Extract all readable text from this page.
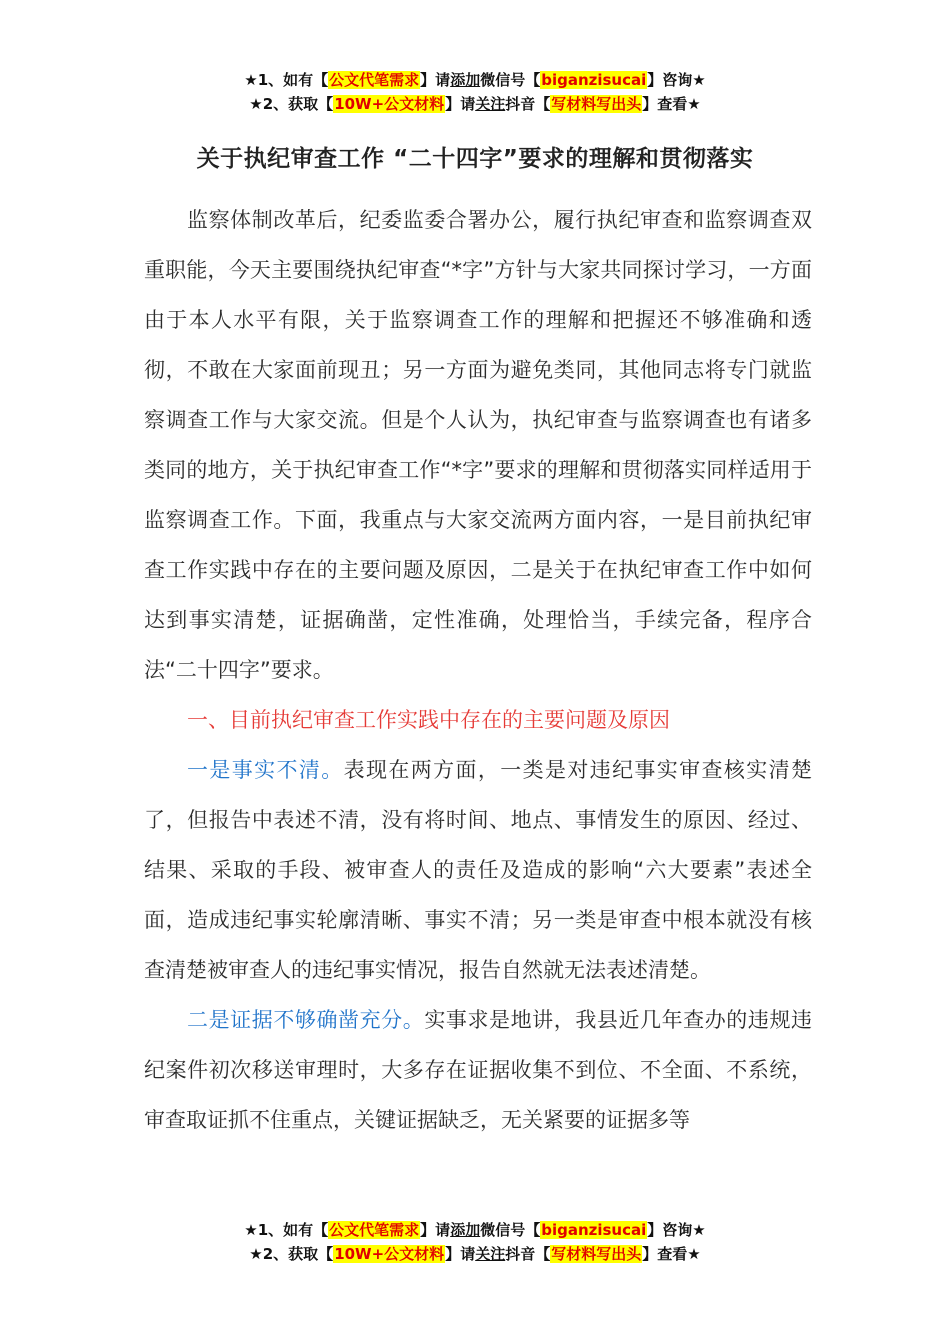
★1、如有【公文代笔需求】请添加微信号【biganzisucai】咨询★
★2、获取【10W+公文材料】请关注抖音【写材料写出头】查看★
关于执纪审查工作 “二十四字”要求的理解和贯彻落实

监察体制改革后，纪委监委合署办公，履行执纪审查和监察调查双重职能，今天主要围绕执纪审查“*字”方针与大家共同探讨学习，一方面由于本人水平有限，关于监察调查工作的理解和把握还不够准确和透彻，不敢在大家面前现丑；另一方面为避免类同，其他同志将专门就监察调查工作与大家交流。但是个人认为，执纪审查与监察调查也有诸多类同的地方，关于执纪审查工作“*字”要求的理解和贯彻落实同样适用于监察调查工作。下面，我重点与大家交流两方面内容，一是目前执纪审查工作实践中存在的主要问题及原因，二是关于在执纪审查工作中如何达到事实清楚，证据确凿，定性准确，处理恰当，手续完备，程序合法“二十四字”要求。

一、目前执纪审查工作实践中存在的主要问题及原因

一是事实不清。表现在两方面，一类是对违纪事实审查核实清楚了，但报告中表述不清，没有将时间、地点、事情发生的原因、经过、结果、采取的手段、被审查人的责任及造成的影响“六大要素”表述全面，造成违纪事实轮廓清晰、事实不清；另一类是审查中根本就没有核查清楚被审查人的违纪事实情况，报告自然就无法表述清楚。

二是证据不够确凿充分。实事求是地讲，我县近几年查办的违规违纪案件初次移送审理时，大多存在证据收集不到位、不全面、不系统，审查取证抓不住重点，关键证据缺乏，无关紧要的证据多等

★1、如有【公文代笔需求】请添加微信号【biganzisucai】咨询★
★2、获取【10W+公文材料】请关注抖音【写材料写出头】查看★
